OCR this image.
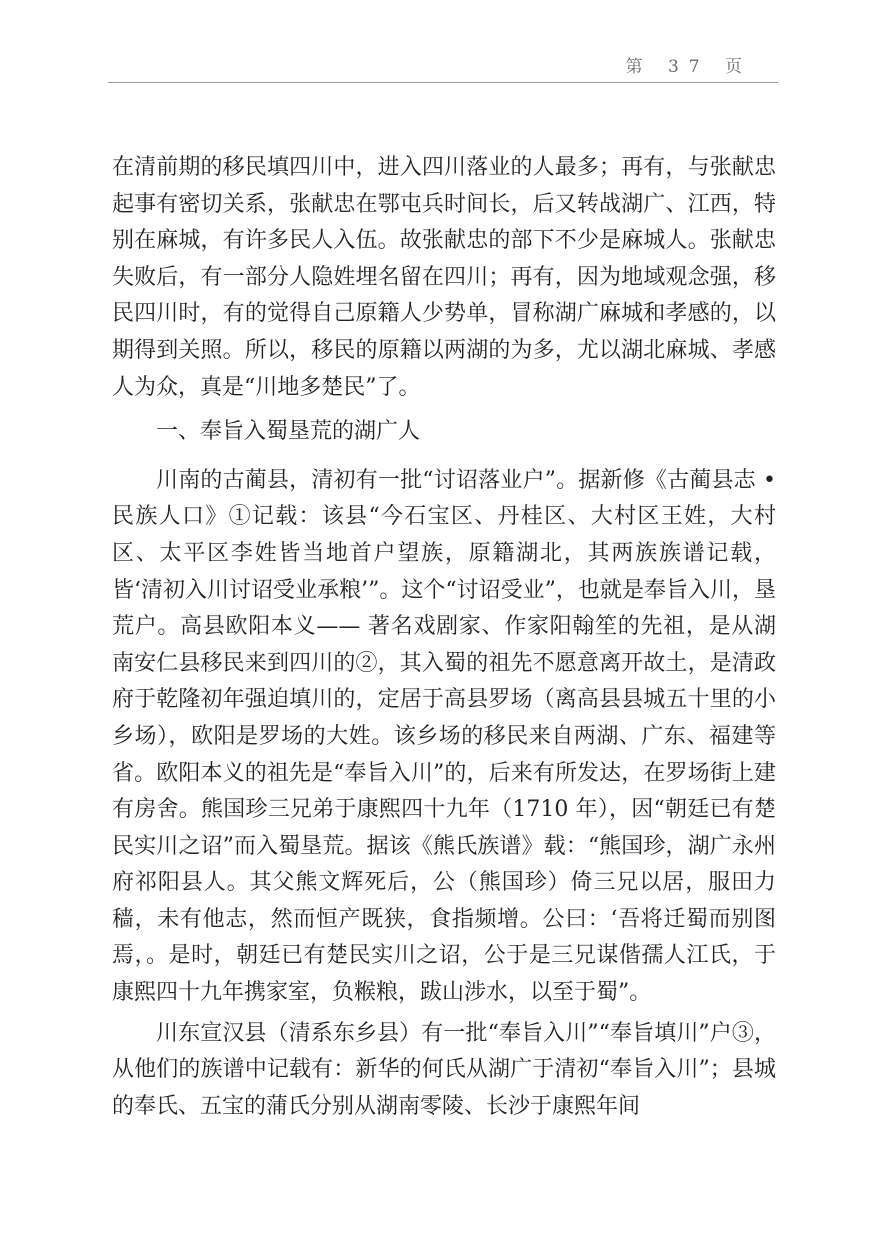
第 37 页

在清前期的移民填四川中，进入四川落业的人最多；再有，与张献忠起事有密切关系，张献忠在鄂屯兵时间长，后又转战湖广、江西，特别在麻城，有许多民人入伍。故张献忠的部下不少是麻城人。张献忠失败后，有一部分人隐姓埋名留在四川；再有，因为地域观念强，移民四川时，有的觉得自己原籍人少势单，冒称湖广麻城和孝感的，以期得到关照。所以，移民的原籍以两湖的为多，尤以湖北麻城、孝感人为众，真是“川地多楚民”了。

一、奉旨入蜀垦荒的湖广人

川南的古蔺县，清初有一批“讨诏落业户”。据新修《古蔺县志 • 民族人口》①记载：该县“今石宝区、丹桂区、大村区王姓，大村区、太平区李姓皆当地首户望族，原籍湖北，其两族族谱记载，皆‘清初入川讨诏受业承粮’”。这个“讨诏受业”，也就是奉旨入川，垦荒户。高县欧阳本义—— 著名戏剧家、作家阳翰笙的先祖，是从湖南安仁县移民来到四川的②，其入蜀的祖先不愿意离开故土，是清政府于乾隆初年强迫填川的，定居于高县罗场（离高县县城五十里的小乡场），欧阳是罗场的大姓。该乡场的移民来自两湖、广东、福建等省。欧阳本义的祖先是“奉旨入川”的，后来有所发达，在罗场街上建有房舍。熊国珍三兄弟于康熙四十九年（1710 年），因“朝廷已有楚民实川之诏”而入蜀垦荒。据该《熊氏族谱》载：“熊国珍，湖广永州府祁阳县人。其父熊文辉死后，公（熊国珍）倚三兄以居，服田力穑，未有他志，然而恒产既狭，食指频增。公曰：‘吾将迁蜀而别图焉，。是时，朝廷已有楚民实川之诏，公于是三兄谋偕孺人江氏，于康熙四十九年携家室，负糇粮，跋山涉水，以至于蜀”。

川东宣汉县（清系东乡县）有一批“奉旨入川”“奉旨填川”户③，从他们的族谱中记载有：新华的何氏从湖广于清初“奉旨入川”；县城的奉氏、五宝的蒲氏分别从湖南零陵、长沙于康熙年间
